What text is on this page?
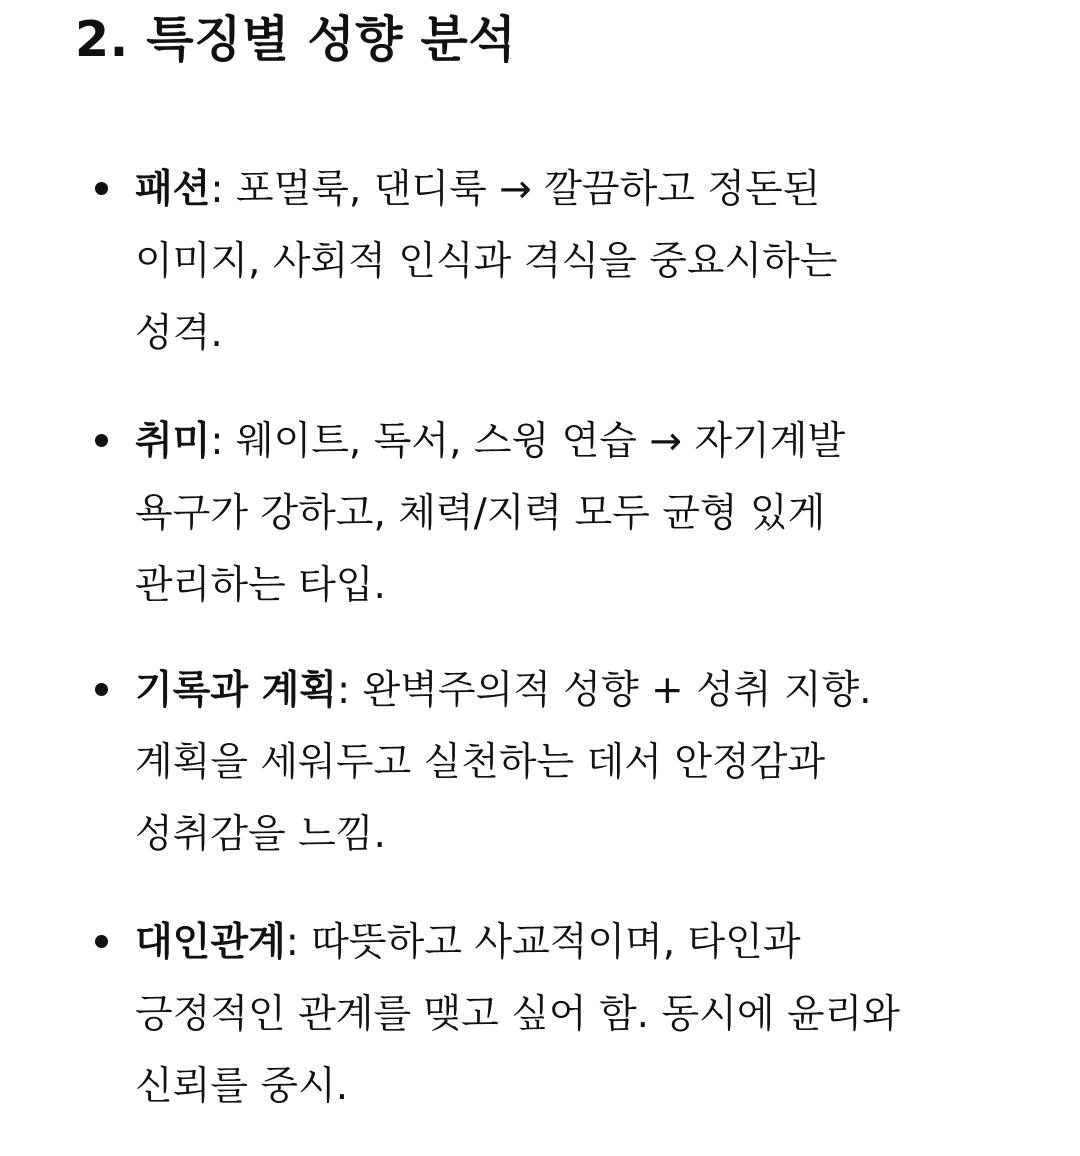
2. 특징별 성향 분석

패션: 포멀룩, 댄디룩 → 깔끔하고 정돈된
이미지, 사회적 인식과 격식을 중요시하는
성격.

취미: 웨이트, 독서, 스윙 연습 → 자기계발
욕구가 강하고, 체력/지력 모두 균형 있게
관리하는 타입.

기록과 계획: 완벽주의적 성향 + 성취 지향.
계획을 세워두고 실천하는 데서 안정감과
성취감을 느낌.

대인관계: 따뜻하고 사교적이며, 타인과
긍정적인 관계를 맺고 싶어 함. 동시에 윤리와
신뢰를 중시.
